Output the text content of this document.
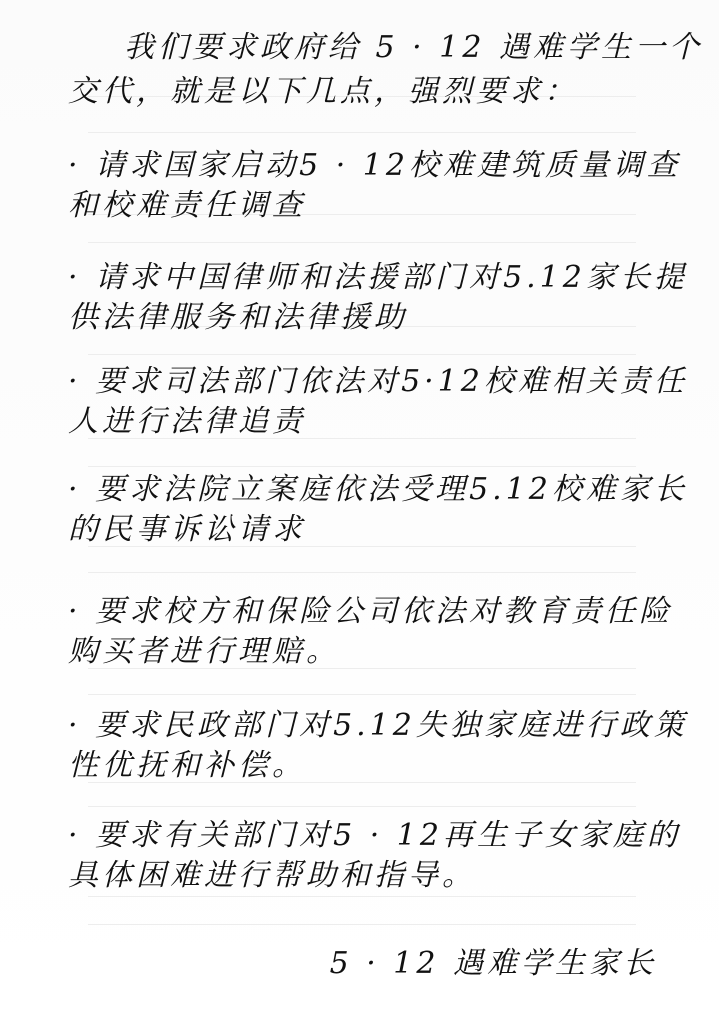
我们要求政府给 5 · 12 遇难学生一个
交代，就是以下几点，强烈要求：
· 请求国家启动5 · 12校难建筑质量调查
和校难责任调查
· 请求中国律师和法援部门对5.12家长提
供法律服务和法律援助
· 要求司法部门依法对5·12校难相关责任
人进行法律追责
· 要求法院立案庭依法受理5.12校难家长
的民事诉讼请求
· 要求校方和保险公司依法对教育责任险
购买者进行理赔。
· 要求民政部门对5.12失独家庭进行政策
性优抚和补偿。
· 要求有关部门对5 · 12再生子女家庭的
具体困难进行帮助和指导。
5 · 12 遇难学生家长
